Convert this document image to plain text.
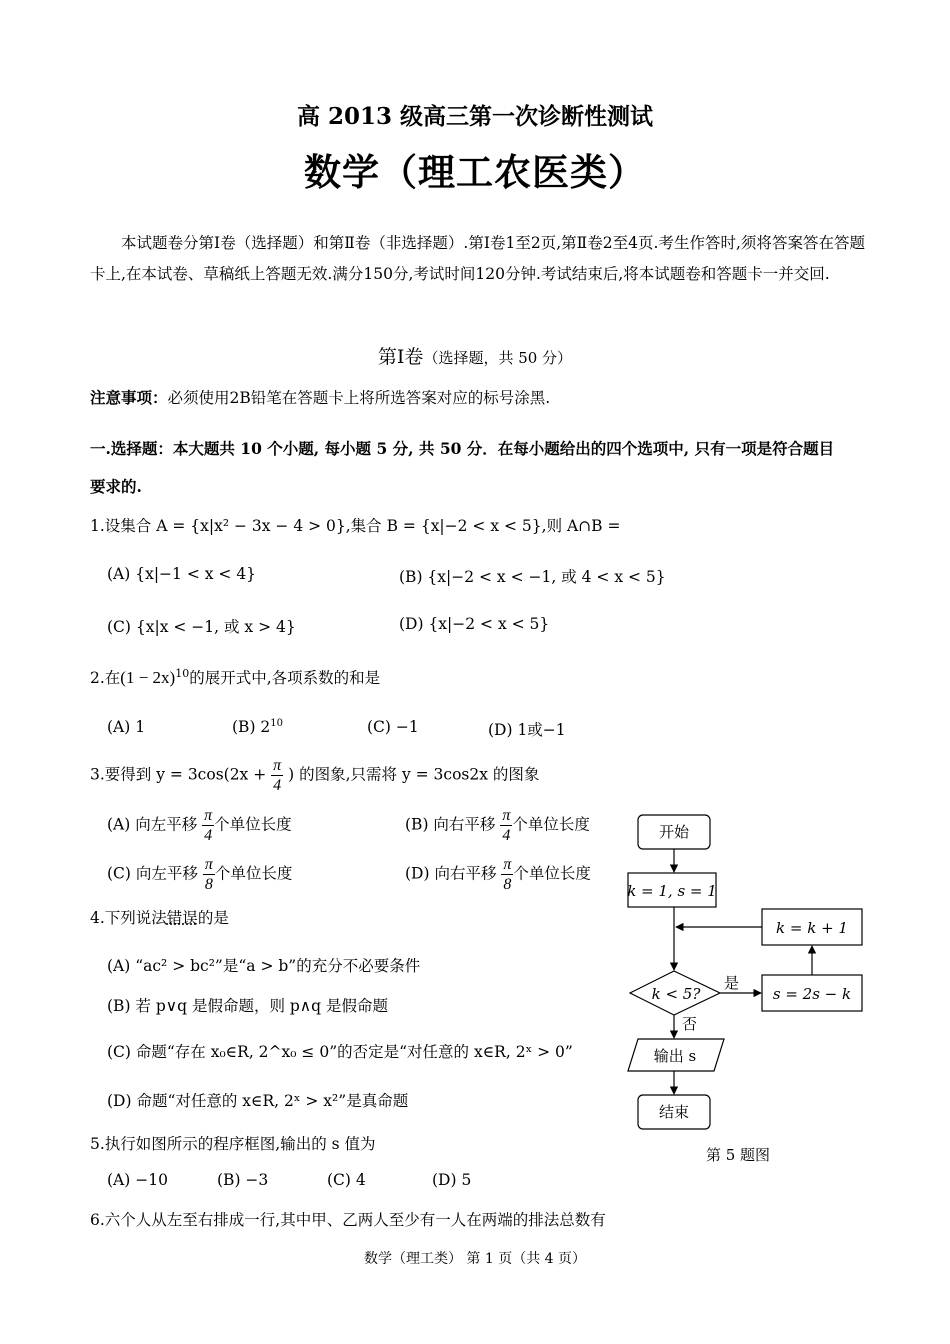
高 2013 级高三第一次诊断性测试
数学（理工农医类）
本试题卷分第Ⅰ卷（选择题）和第Ⅱ卷（非选择题）.第Ⅰ卷1至2页,第Ⅱ卷2至4页.考生作答时,须将答案答在答题卡上,在本试卷、草稿纸上答题无效.满分150分,考试时间120分钟.考试结束后,将本试题卷和答题卡一并交回.
第Ⅰ卷（选择题，共 50 分）
注意事项：必须使用2B铅笔在答题卡上将所选答案对应的标号涂黑.
一.选择题：本大题共 10 个小题, 每小题 5 分, 共 50 分．在每小题给出的四个选项中, 只有一项是符合题目
要求的.
1.设集合 A = {x|x² − 3x − 4 > 0},集合 B = {x|−2 < x < 5},则 A∩B =
(A) {x|−1 < x < 4}	(B) {x|−2 < x < −1, 或 4 < x < 5}
(C) {x|x < −1, 或 x > 4}	(D) {x|−2 < x < 5}
2.在$(1 - 2x)^{10}$的展开式中,各项系数的和是
(A) 1	(B) $2^{10}$	(C) −1	(D) 1或−1
3.要得到 $y = 3\cos(2x + \frac{\pi}{4}$ ) 的图象,只需将 y = 3cos2x 的图象
(A) 向左平移 $\frac{\pi}{4}$ 个单位长度	(B) 向右平移 $\frac{\pi}{4}$ 个单位长度
(C) 向左平移 $\frac{\pi}{8}$ 个单位长度	(D) 向右平移 $\frac{\pi}{8}$ 个单位长度
4.下列说法错误的是
(A) “ac² > bc²”是“a > b”的充分不必要条件
(B) 若 p∨q 是假命题，则 p∧q 是假命题
(C) 命题“存在 x₀∈R, 2^x₀ ≤ 0”的否定是“对任意的 x∈R, 2ˣ > 0”
(D) 命题“对任意的 x∈R, 2ˣ > x²”是真命题
5.执行如图所示的程序框图,输出的 s 值为
(A) −10	(B) −3	(C) 4	(D) 5
6.六个人从左至右排成一行,其中甲、乙两人至少有一人在两端的排法总数有
开始
k = 1, s = 1
k = k + 1
k < 5?
是
否
s = 2s − k
输出 s
结束
第 5 题图
数学（理工类） 第 1 页（共 4 页）
